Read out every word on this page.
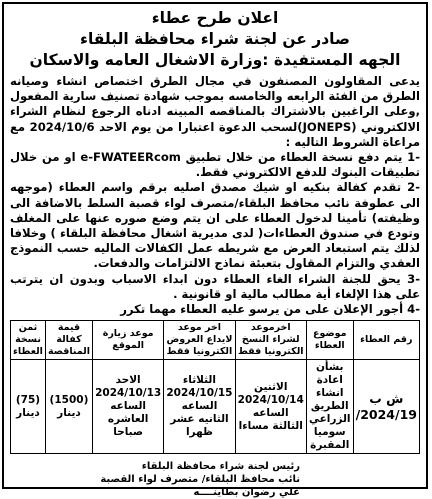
اعلان طرح عطاء
صادر عن لجنة شراء محافظة البلقاء
الجهه المستفيدة :وزارة الاشغال العامه والاسكان

يدعى المقاولون المصنفون في مجال الطرق اختصاص انشاء وصيانه الطرق من الفئة الرابعه والخامسه بموجب شهادة تصنيف سارية المفعول ,وعلى الراغبين بالاشتراك بالمناقصه المبينه ادناه الرجوع لنظام الشراء الالكتروني (JONEPS)لسحب الدعوة اعتبارا من يوم الاحد 2024/10/6 مع مراعاة الشروط التاليه :

-1 يتم دفع نسخة العطاء من خلال تطبيق e-FWATEERcom او من خلال تطبيقات البنوك للدفع الالكتروني فقط.

-2 تقدم كفالة بنكيه او شيك مصدق اصليه برقم واسم العطاء (موجهه الى عطوفة نائب محافظ البلقاء/متصرف لواء قصبة السلط بالاضافة الى وظيفته) تأمينا لدخول العطاء على ان يتم وضع صوره عنها على المغلف وتودع في صندوق العطاءات( لدى مديرية اشغال محافظة البلقاء ) وخلافا لذلك يتم استبعاد العرض مع شريطه عمل الكفالات الماليه حسب النموذج العقدي والتزام المقاول بتعبئة نماذج الالتزامات والدفعات.

-3 يحق للجنة الشراء الغاء العطاء دون ابداء الاسباب وبدون ان يترتب على هذا الإلغاء أية مطالب مالية او قانونية .

-4 أجور الإعلان على من يرسو عليه العطاء مهما تكرر

رقم العطاء	موضوع العطاء	اخرموعد لشراء النسخ الكترونيا فقط	اخر موعد لايداع العروض الكترونيا فقط	موعد زيارة الموقع	قيمة كفالة المناقصة	ثمن نسخة العطاء
ش ب 2024/19/	بشأن اعادة انشاء الطريق الزراعي سوميا المقبرة	الاثنين 2024/10/14 الساعه الثالثة مساءا	الثلاثاء 2024/10/15 الساعه الثانيه عشر ظهرا	الاحد 2024/10/13 الساعه العاشره صباحا	(1500) دينار	(75) دينار
رئيس لجنة شراء محافظة البلقاء
نائب محافظ البلقاء/ متصرف لواء القصبة
علي رضوان بطاينــــه
